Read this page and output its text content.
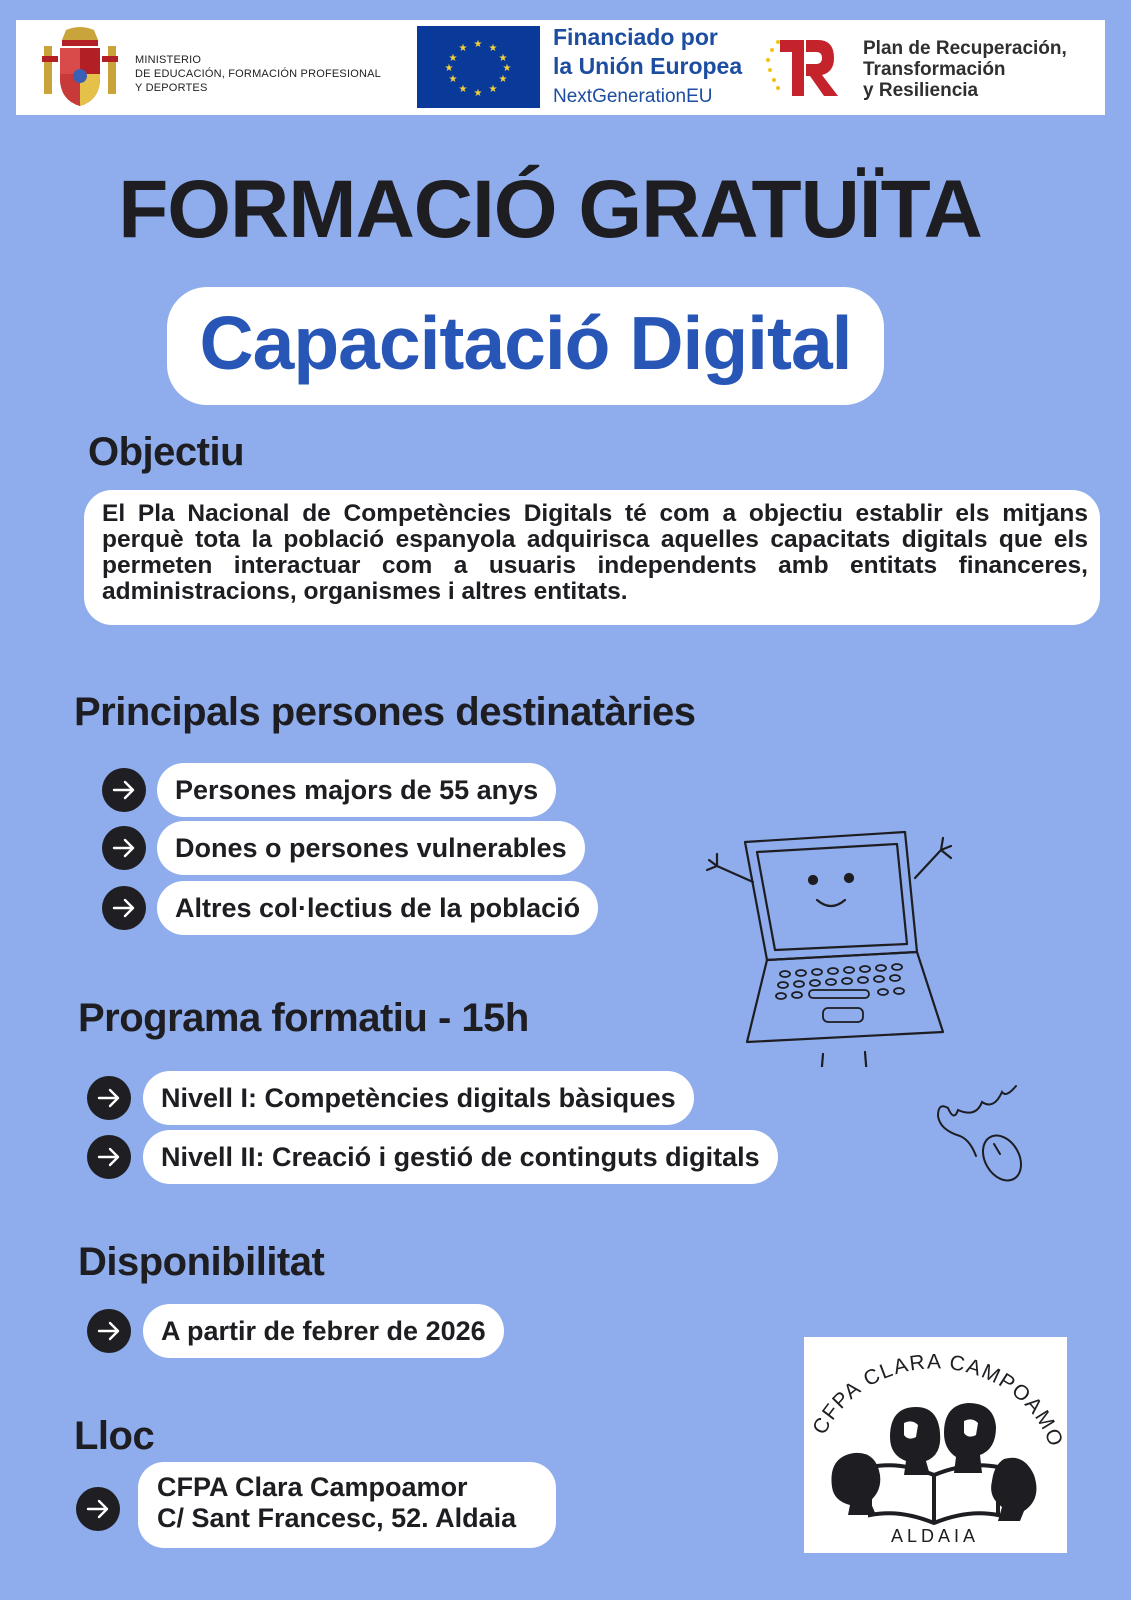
MINISTERIO
DE EDUCACIÓN, FORMACIÓN PROFESIONAL
Y DEPORTES
★ ★
★
★
★
★
★
★
★
★
★
★	Financiado por
la Unión Europea
NextGenerationEU
Plan de Recuperación,
Transformación
y Resiliencia
FORMACIÓ GRATUÏTA
Capacitació Digital
Objectiu
El Pla Nacional de Competències Digitals té com a objectiu establir els mitjans perquè tota la població espanyola adquirisca aquelles capacitats digitals que els permeten interactuar com a usuaris independents amb entitats financeres, administracions, organismes i altres entitats.
Principals persones destinatàries
Persones majors de 55 anys
Dones o persones vulnerables
Altres col·lectius de la població
Programa formatiu - 15h
Nivell I: Competències digitals bàsiques
Nivell II: Creació i gestió de continguts digitals
Disponibilitat
A partir de febrer de 2026
Lloc
CFPA Clara Campoamor
C/ Sant Francesc, 52. Aldaia
CFPA CLARA CAMPOAMO
ALDAIA
